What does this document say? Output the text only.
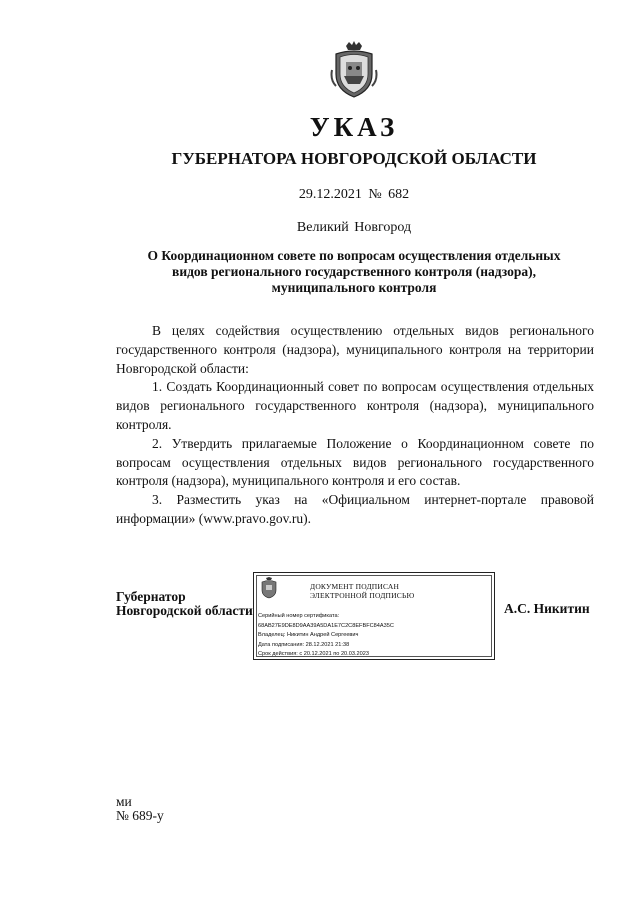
УКАЗ
ГУБЕРНАТОРА НОВГОРОДСКОЙ ОБЛАСТИ
29.12.2021 № 682
Великий Новгород
О Координационном совете по вопросам осуществления отдельных
видов регионального государственного контроля (надзора),
муниципального контроля

В целях содействия осуществлению отдельных видов регионального государственного контроля (надзора), муниципального контроля на территории Новгородской области:

1. Создать Координационный совет по вопросам осуществления отдельных видов регионального государственного контроля (надзора), муниципального контроля.

2. Утвердить прилагаемые Положение о Координационном совете по вопросам осуществления отдельных видов регионального государственного контроля (надзора), муниципального контроля и его состав.

3. Разместить указ на «Официальном интернет-портале правовой информации» (www.pravo.gov.ru).

Губернатор
Новгородской области
ДОКУМЕНТ ПОДПИСАН
ЭЛЕКТРОННОЙ ПОДПИСЬЮ
Серийный номер сертификата:
68AB27E9DE8D9AA39A5DA1E7C2C8EFBFC84A35C
Владелец: Никитин Андрей Сергеевич
Дата подписания: 28.12.2021 21:38
Срок действия: с 20.12.2021 по 20.03.2023
А.С. Никитин
ми
№ 689-у
